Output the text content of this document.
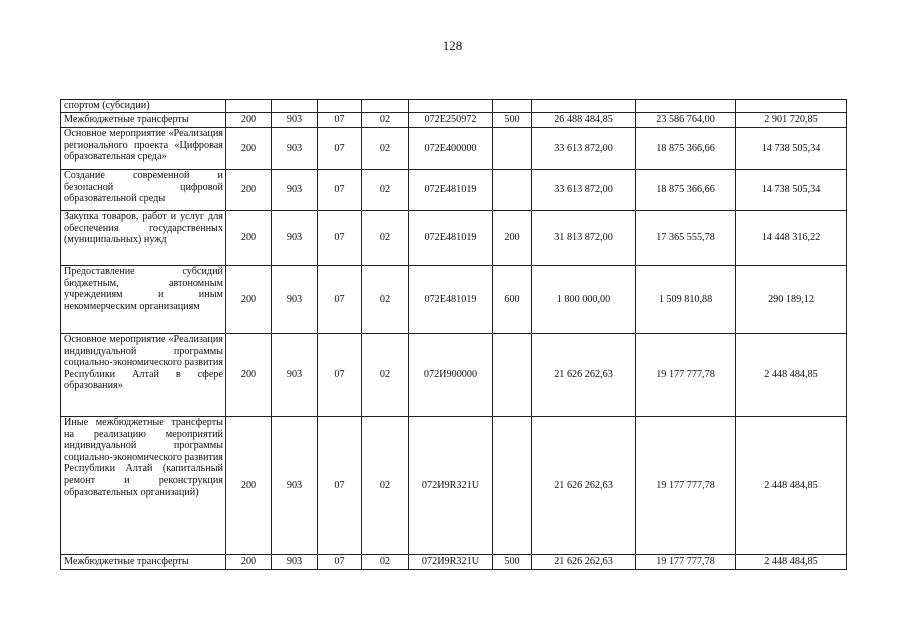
128
спортом (субсидии)									
Межбюджетные трансферты	200	903	07	02	072Е250972	500	26 488 484,85	23 586 764,00	2 901 720,85
Основное мероприятие «Реализация регионального проекта «Цифровая образовательная среда»	200	903	07	02	072Е400000		33 613 872,00	18 875 366,66	14 738 505,34
Создание современной и безопасной цифровой образовательной среды	200	903	07	02	072Е481019		33 613 872,00	18 875 366,66	14 738 505,34
Закупка товаров, работ и услуг для обеспечения государственных (муниципальных) нужд	200	903	07	02	072Е481019	200	31 813 872,00	17 365 555,78	14 448 316,22
Предоставление субсидий бюджетным, автономным учреждениям и иным некоммерческим организациям	200	903	07	02	072Е481019	600	1 800 000,00	1 509 810,88	290 189,12
Основное мероприятие «Реализация индивидуальной программы социально-экономического развития Республики Алтай в сфере образования»	200	903	07	02	072И900000		21 626 262,63	19 177 777,78	2 448 484,85
Иные межбюджетные трансферты на реализацию мероприятий индивидуальной программы социально-экономического развития Республики Алтай (капитальный ремонт и реконструкция образовательных организаций)	200	903	07	02	072И9R321U		21 626 262,63	19 177 777,78	2 448 484,85
Межбюджетные трансферты	200	903	07	02	072И9R321U	500	21 626 262,63	19 177 777,78	2 448 484,85
